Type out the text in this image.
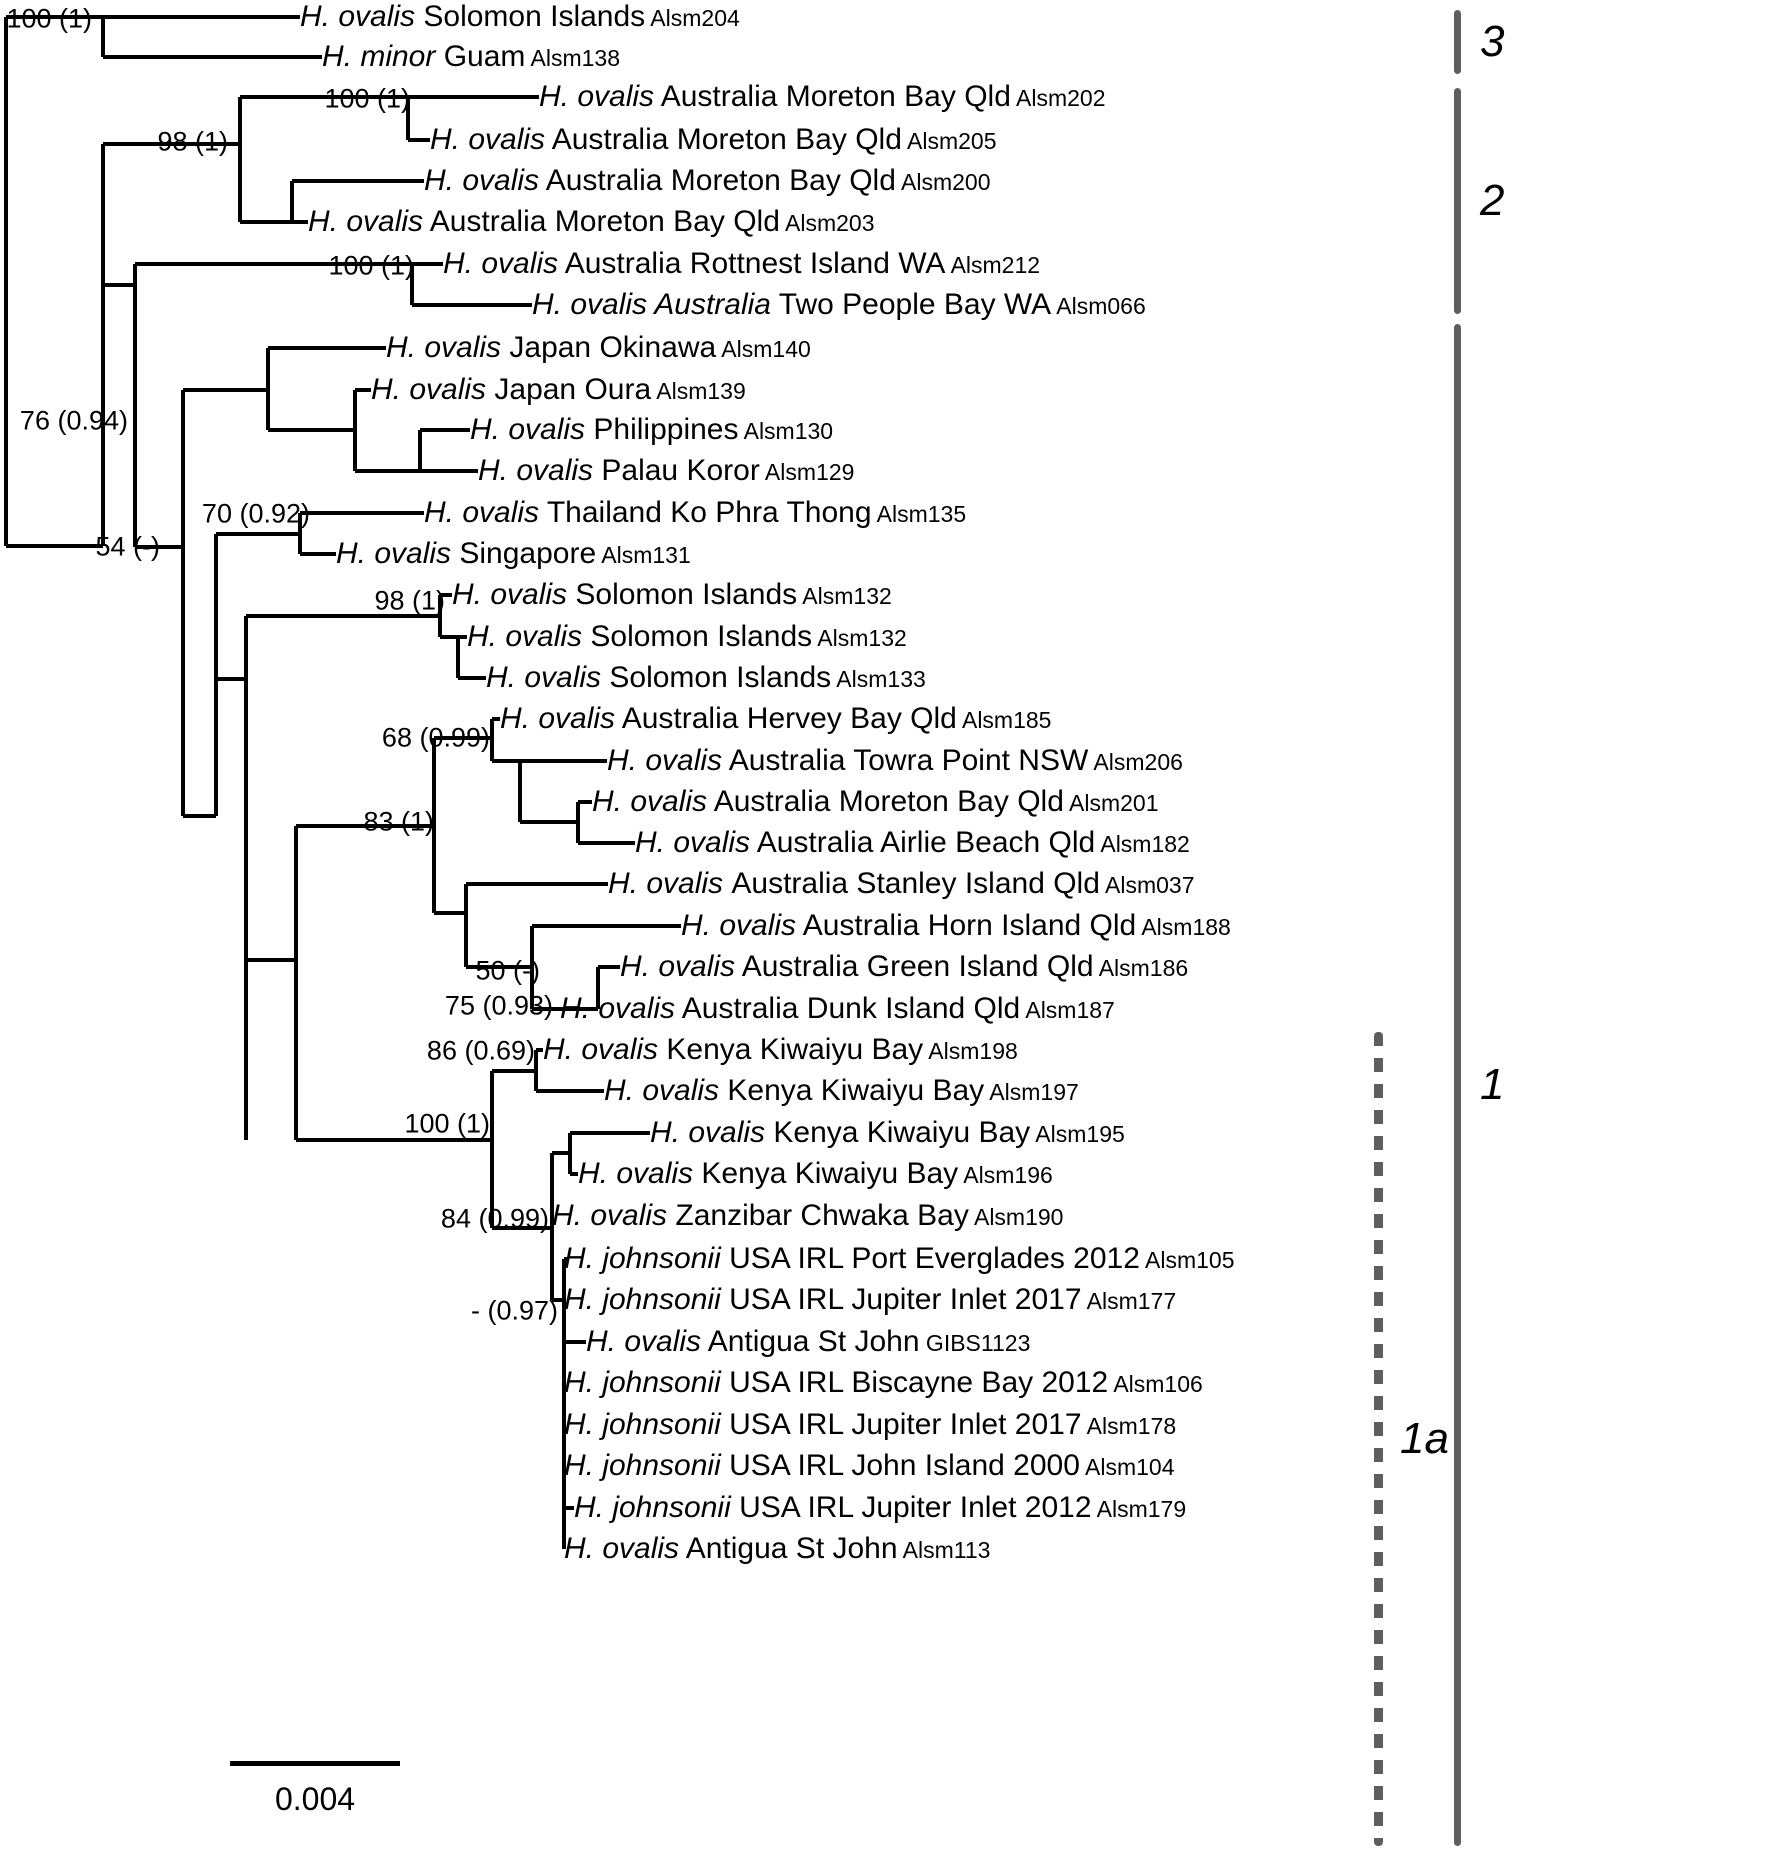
H. ovalis Solomon Islands Alsm204
H. minor Guam Alsm138
H. ovalis Australia Moreton Bay Qld Alsm202
H. ovalis Australia Moreton Bay Qld Alsm205
H. ovalis Australia Moreton Bay Qld Alsm200
H. ovalis Australia Moreton Bay Qld Alsm203
H. ovalis Australia Rottnest Island WA Alsm212
H. ovalis Australia Two People Bay WA Alsm066
H. ovalis Japan Okinawa Alsm140
H. ovalis Japan Oura Alsm139
H. ovalis Philippines Alsm130
H. ovalis Palau Koror Alsm129
H. ovalis Thailand Ko Phra Thong Alsm135
H. ovalis Singapore Alsm131
H. ovalis Solomon Islands Alsm132
H. ovalis Solomon Islands Alsm132
H. ovalis Solomon Islands Alsm133
H. ovalis Australia Hervey Bay Qld Alsm185
H. ovalis Australia Towra Point NSW Alsm206
H. ovalis Australia Moreton Bay Qld Alsm201
H. ovalis Australia Airlie Beach Qld Alsm182
H. ovalis Australia Stanley Island Qld Alsm037
H. ovalis Australia Horn Island Qld Alsm188
H. ovalis Australia Green Island Qld Alsm186
H. ovalis Australia Dunk Island Qld Alsm187
H. ovalis Kenya Kiwaiyu Bay Alsm198
H. ovalis Kenya Kiwaiyu Bay Alsm197
H. ovalis Kenya Kiwaiyu Bay Alsm195
H. ovalis Kenya Kiwaiyu Bay Alsm196
H. ovalis Zanzibar Chwaka Bay Alsm190
H. johnsonii USA IRL Port Everglades 2012 Alsm105
H. johnsonii USA IRL Jupiter Inlet 2017 Alsm177
H. ovalis Antigua St John GIBS1123
H. johnsonii USA IRL Biscayne Bay 2012 Alsm106
H. johnsonii USA IRL Jupiter Inlet 2017 Alsm178
H. johnsonii USA IRL John Island 2000 Alsm104
H. johnsonii USA IRL Jupiter Inlet 2012 Alsm179
H. ovalis Antigua St John Alsm113
100 (1)
98 (1)
100 (1)
100 (1)
76 (0.94)
54 (-)
70 (0.92)
98 (1)
68 (0.99)
83 (1)
50 (-)
75 (0.93)
86 (0.69)
100 (1)
84 (0.99)
- (0.97)
3
2
1
1a
0.004
